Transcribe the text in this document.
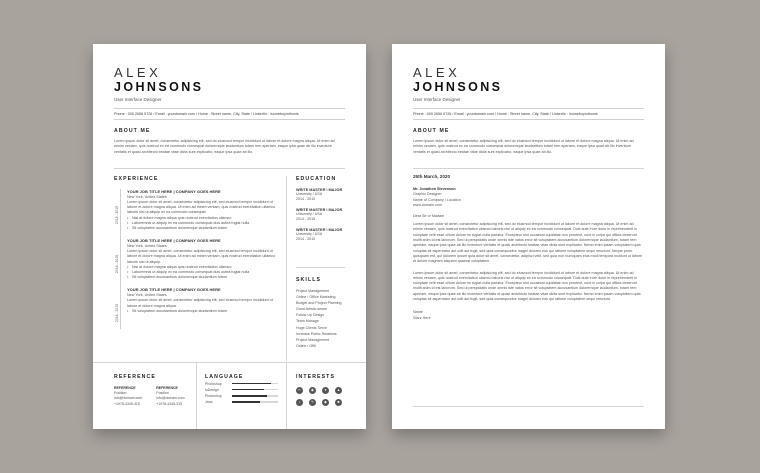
ALEX
JOHNSONS
User Interface Designer
Phone : 000 2656 5726 / Email : yourdomain.com / Home : Street name, City, State / LinkedIn : /someboyinthonis
ABOUT ME
Lorem ipsum dolor sit amet, consectetur adipisicing elit, sed do eiusmod tempor incididunt ut labore et dolore magna aliqua. Ut enim ad minim veniam, quis nostrud ex ea commodo consequat doloremque laudantium totam rem aperiam, eaque ipsa quae ab illo inventore veritatis et quasi architecto beatae vitae dicta sunt explicabo, eaque ipsa quae ab illo.
EXPERIENCE
2014 - 2015
YOUR JOB TITLE HERE | COMPANY GOES HERE
New York, United States
Lorem ipsum dolor sit amet, consectetur adipisicing elit, sed eiusmod tempor incididunt ut labore et dolore magna aliqua. Ut enim ad minim veniam, quis nostrud exercitation ullamco laboris nisi ut aliquip ex ea commodo consequat.
• Nisl at dolore magna aliqua quis nostrud exercitation ullamco
• Laboremnis ut aliquip ex ea commodo consequat duis autea fugiat nulla
• Sit voluptatem accusantium doloremque laudantium totam
2014 - 2015
YOUR JOB TITLE HERE | COMPANY GOES HERE
New York, United States
Lorem ipsum dolor sit amet, consectetur adipisicing elit, sed eiusmod tempor incididunt ut labore et dolore magna aliqua. Ut enim ad minim veniam, quis nostrud exercitation ullamco laboris nisi ut aliquip.
• Nisl at dolore magna aliqua quis nostrud exercitation ullamco
• Laboremnis ut aliquip ex ea commodo consequat duis autea fugiat nulla
• Sit voluptatem accusantium doloremque laudantium totam
2014 - 2015
YOUR JOB TITLE HERE | COMPANY GOES HERE
New York, United States
Lorem ipsum dolor sit amet, consectetur adipisicing elit, sed eiusmod tempor incididunt ut labore et dolore magna aliqua.
• Sit voluptatem accusantium doloremque laudantium totam
EDUCATION
WRITE MASTER \ MAJOR
University / USA
2014 - 2015
WRITE MASTER \ MAJOR
University / USA
2014 - 2015
WRITE MASTER \ MAJOR
University / USA
2014 - 2015
SKILLS
Project Management
Online / Office Marketing
Budget and Project Planning
Good Artistic sense
Follow Up Design
Team Manage
Huge Clients Serve
Increase Public Relations
Project Management
Online / Offli
REFERENCE
REFERENCE
Position
info@domain.com
+1978-4345-315
REFERENCE
Position
info@domain.com
+1978-4345-315
LANGUAGE
Photoshop
InDesign
Photoshop
Java
INTERESTS
✂	◉	●	▲
♪	✎	◆	■
ALEX
JOHNSONS
User Interface Designer
Phone : 000 2656 5726 / Email : yourdomain.com / Home : Street name, City, State / LinkedIn : /someboyinthonis
ABOUT ME
Lorem ipsum dolor sit amet, consectetur adipisicing elit, sed do eiusmod tempor incididunt ut labore et dolore magna aliqua. Ut enim ad minim veniam, quis nostrud ex ea commodo consequat doloremque laudantium totam rem aperiam, eaque ipsa quae ab illo inventore veritatis et quasi architecto beatae vitae dicta sunt explicabo, eaque ipsa quae ab illo.
25th March, 2020
Mr. Jonathon Stevenson
Graphic Designer
Name of Company / Location
www.domain.com
Dear Sir or Madam
Lorem ipsum dolor sit amet, consectetur adipisicing elit, sed do eiusmod tempor incididunt ut labore et dolore magna aliqua. Ut enim ad minim veniam, quis nostrud exercitation ullamco laboris nisi ut aliquip ex ea commodo consequat. Duis aute irure dolor in reprehenderit in voluptate velit esse cillum dolore eu fugiat nulla pariatur. Excepteur sint occaecat cupidatat non proident, sunt in culpa qui officia deserunt mollit anim id est laborum. Sed ut perspiciatis unde omnis iste natus error sit voluptatem accusantium doloremque laudantium, totam rem aperiam, eaque ipsa quae ab illo inventore veritatis et quasi architecto beatae vitae dicta sunt explicabo. Nemo enim ipsam voluptatem quia voluptas sit aspernatur aut odit aut fugit, sed quia consequuntur magni dolores eos qui ratione voluptatem sequi nesciunt. Neque porro quisquam est, qui dolorem ipsum quia dolor sit amet, consectetur, adipisci velit, sed quia non numquam eius modi tempora incidunt ut labore et dolore magnam aliquam quaerat voluptatem.
Lorem ipsum dolor sit amet, consectetur adipisicing elit, sed do eiusmod tempor incididunt ut labore et dolore magna aliqua. Ut enim ad minim veniam, quis nostrud exercitation ullamco laboris nisi ut aliquip ex ea commodo consequat. Duis aute irure dolor in reprehenderit in voluptate velit esse cillum dolore eu fugiat nulla pariatur. Excepteur sint occaecat cupidatat non proident, sunt in culpa qui officia deserunt mollit anim id est laborum. Sed ut perspiciatis unde omnis iste natus error sit voluptatem accusantium doloremque laudantium, totam rem aperiam, eaque ipsa quae ab illo inventore veritatis et quasi architecto beatae vitae dicta sunt explicabo. Nemo enim ipsam voluptatem quia voluptas sit aspernatur aut odit aut fugit, sed quia consequuntur magni dolores eos qui ratione voluptatem sequi nesciunt.
Name
Starz Here
